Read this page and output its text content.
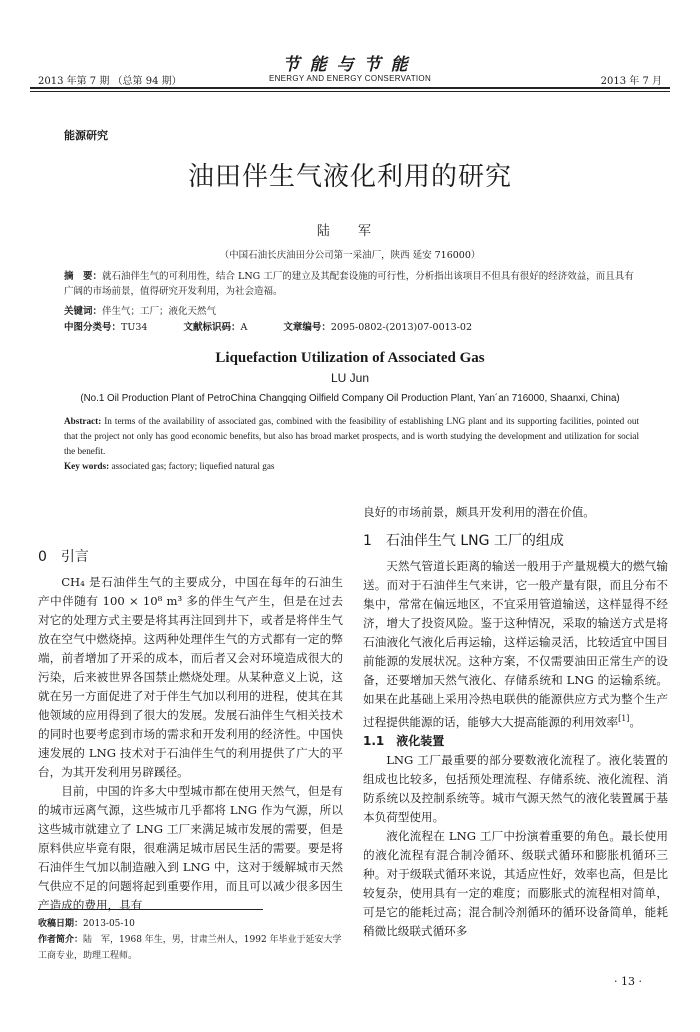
2013 年第 7 期 （总第 94 期）
节能与节能
ENERGY AND ENERGY CONSERVATION	2013 年 7 月
能源研究
油田伴生气液化利用的研究
陆 军
（中国石油长庆油田分公司第一采油厂，陕西 延安 716000）
摘　要：就石油伴生气的可利用性，结合 LNG 工厂的建立及其配套设施的可行性，分析指出该项目不但具有很好的经济效益，而且具有广阔的市场前景，值得研究开发利用，为社会造福。
关键词：伴生气；工厂；液化天然气
中图分类号：TU34	文献标识码：A	文章编号：2095-0802-(2013)07-0013-02
Liquefaction Utilization of Associated Gas
LU Jun
(No.1 Oil Production Plant of PetroChina Changqing Oilfield Company Oil Production Plant, Yan´an 716000, Shaanxi, China)
Abstract: In terms of the availability of associated gas, combined with the feasibility of establishing LNG plant and its supporting facilities, pointed out that the project not only has good economic benefits, but also has broad market prospects, and is worth studying the development and utilization for social the benefit.
Key words: associated gas; factory; liquefied natural gas
0　引言

CH₄ 是石油伴生气的主要成分，中国在每年的石油生产中伴随有 100 × 10⁸ m³ 多的伴生气产生，但是在过去对它的处理方式主要是将其再注回到井下，或者是将伴生气放在空气中燃烧掉。这两种处理伴生气的方式都有一定的弊端，前者增加了开采的成本，而后者又会对环境造成很大的污染，后来被世界各国禁止燃烧处理。从某种意义上说，这就在另一方面促进了对于伴生气加以利用的进程，使其在其他领域的应用得到了很大的发展。发展石油伴生气相关技术的同时也要考虑到市场的需求和开发利用的经济性。中国快速发展的 LNG 技术对于石油伴生气的利用提供了广大的平台，为其开发利用另辟蹊径。

目前，中国的许多大中型城市都在使用天然气，但是有的城市远离气源，这些城市几乎都将 LNG 作为气源，所以这些城市就建立了 LNG 工厂来满足城市发展的需要，但是原料供应毕竟有限，很难满足城市居民生活的需要。要是将石油伴生气加以制造融入到 LNG 中，这对于缓解城市天然气供应不足的问题将起到重要作用，而且可以减少很多因生产造成的费用，具有

良好的市场前景，颇具开发利用的潜在价值。
1　石油伴生气 LNG 工厂的组成

天然气管道长距离的输送一般用于产量规模大的燃气输送。而对于石油伴生气来讲，它一般产量有限，而且分布不集中，常常在偏远地区，不宜采用管道输送，这样显得不经济，增大了投资风险。鉴于这种情况，采取的输送方式是将石油液化气液化后再运输，这样运输灵活，比较适宜中国目前能源的发展状况。这种方案，不仅需要油田正常生产的设备，还要增加天然气液化、存储系统和 LNG 的运输系统。如果在此基础上采用冷热电联供的能源供应方式为整个生产过程提供能源的话，能够大大提高能源的利用效率[1]。

1.1　液化装置

LNG 工厂最重要的部分要数液化流程了。液化装置的组成也比较多，包括预处理流程、存储系统、液化流程、消防系统以及控制系统等。城市气源天然气的液化装置属于基本负荷型使用。

液化流程在 LNG 工厂中扮演着重要的角色。最长使用的液化流程有混合制冷循环、级联式循环和膨胀机循环三种。对于级联式循环来说，其适应性好，效率也高，但是比较复杂，使用具有一定的难度；而膨胀式的流程相对简单，可是它的能耗过高；混合制冷剂循环的循环设备简单，能耗稍微比级联式循环多

收稿日期：2013-05-10
作者简介：陆　军，1968 年生，男，甘肃兰州人，1992 年毕业于延安大学工商专业，助理工程师。
· 13 ·
